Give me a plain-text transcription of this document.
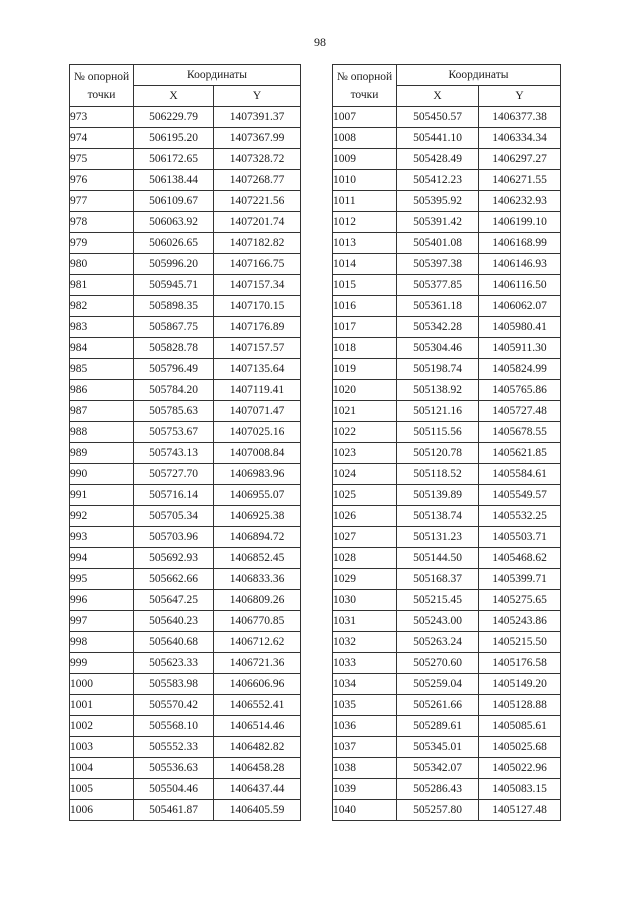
98
№ опорной точки	Координаты	
	X	Y
973	506229.79	1407391.37
974	506195.20	1407367.99
975	506172.65	1407328.72
976	506138.44	1407268.77
977	506109.67	1407221.56
978	506063.92	1407201.74
979	506026.65	1407182.82
980	505996.20	1407166.75
981	505945.71	1407157.34
982	505898.35	1407170.15
983	505867.75	1407176.89
984	505828.78	1407157.57
985	505796.49	1407135.64
986	505784.20	1407119.41
987	505785.63	1407071.47
988	505753.67	1407025.16
989	505743.13	1407008.84
990	505727.70	1406983.96
991	505716.14	1406955.07
992	505705.34	1406925.38
993	505703.96	1406894.72
994	505692.93	1406852.45
995	505662.66	1406833.36
996	505647.25	1406809.26
997	505640.23	1406770.85
998	505640.68	1406712.62
999	505623.33	1406721.36
1000	505583.98	1406606.96
1001	505570.42	1406552.41
1002	505568.10	1406514.46
1003	505552.33	1406482.82
1004	505536.63	1406458.28
1005	505504.46	1406437.44
1006	505461.87	1406405.59
№ опорной точки	Координаты	
	X	Y
1007	505450.57	1406377.38
1008	505441.10	1406334.34
1009	505428.49	1406297.27
1010	505412.23	1406271.55
1011	505395.92	1406232.93
1012	505391.42	1406199.10
1013	505401.08	1406168.99
1014	505397.38	1406146.93
1015	505377.85	1406116.50
1016	505361.18	1406062.07
1017	505342.28	1405980.41
1018	505304.46	1405911.30
1019	505198.74	1405824.99
1020	505138.92	1405765.86
1021	505121.16	1405727.48
1022	505115.56	1405678.55
1023	505120.78	1405621.85
1024	505118.52	1405584.61
1025	505139.89	1405549.57
1026	505138.74	1405532.25
1027	505131.23	1405503.71
1028	505144.50	1405468.62
1029	505168.37	1405399.71
1030	505215.45	1405275.65
1031	505243.00	1405243.86
1032	505263.24	1405215.50
1033	505270.60	1405176.58
1034	505259.04	1405149.20
1035	505261.66	1405128.88
1036	505289.61	1405085.61
1037	505345.01	1405025.68
1038	505342.07	1405022.96
1039	505286.43	1405083.15
1040	505257.80	1405127.48
